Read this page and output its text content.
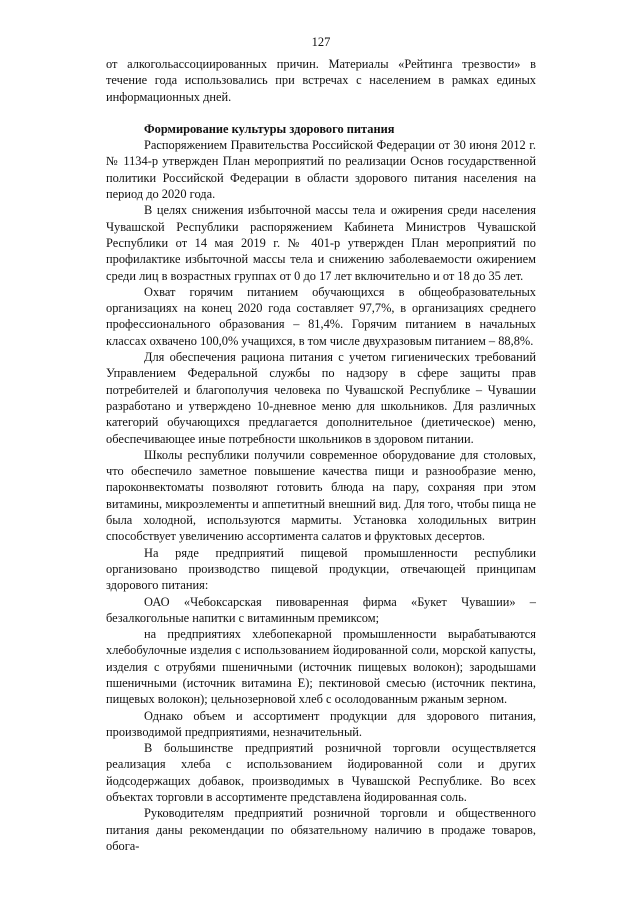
127

от алкогольассоциированных причин. Материалы «Рейтинга трезвости» в течение года использовались при встречах с населением в рамках единых информационных дней.

Формирование культуры здорового питания

Распоряжением Правительства Российской Федерации от 30 июня 2012 г. № 1134-р утвержден План мероприятий по реализации Основ государственной политики Российской Федерации в области здорового питания населения на период до 2020 года.

В целях снижения избыточной массы тела и ожирения среди населения Чувашской Республики распоряжением Кабинета Министров Чувашской Республики от 14 мая 2019 г. № 401-р утвержден План мероприятий по профилактике избыточной массы тела и снижению заболеваемости ожирением среди лиц в возрастных группах от 0 до 17 лет включительно и от 18 до 35 лет.

Охват горячим питанием обучающихся в общеобразовательных организациях на конец 2020 года составляет 97,7%, в организациях среднего профессионального образования – 81,4%. Горячим питанием в начальных классах охвачено 100,0% учащихся, в том числе двухразовым питанием – 88,8%.

Для обеспечения рациона питания с учетом гигиенических требований Управлением Федеральной службы по надзору в сфере защиты прав потребителей и благополучия человека по Чувашской Республике – Чувашии разработано и утверждено 10-дневное меню для школьников. Для различных категорий обучающихся предлагается дополнительное (диетическое) меню, обеспечивающее иные потребности школьников в здоровом питании.

Школы республики получили современное оборудование для столовых, что обеспечило заметное повышение качества пищи и разнообразие меню, пароконвектоматы позволяют готовить блюда на пару, сохраняя при этом витамины, микроэлементы и аппетитный внешний вид. Для того, чтобы пища не была холодной, используются мармиты. Установка холодильных витрин способствует увеличению ассортимента салатов и фруктовых десертов.

На ряде предприятий пищевой промышленности республики организовано производство пищевой продукции, отвечающей принципам здорового питания:

ОАО «Чебоксарская пивоваренная фирма «Букет Чувашии» – безалкогольные напитки с витаминным премиксом;

на предприятиях хлебопекарной промышленности вырабатываются хлебобулочные изделия с использованием йодированной соли, морской капусты, изделия с отрубями пшеничными (источник пищевых волокон); зародышами пшеничными (источник витамина Е); пектиновой смесью (источник пектина, пищевых волокон); цельнозерновой хлеб с осолодованным ржаным зерном.

Однако объем и ассортимент продукции для здорового питания, производимой предприятиями, незначительный.

В большинстве предприятий розничной торговли осуществляется реализация хлеба с использованием йодированной соли и других йодсодержащих добавок, производимых в Чувашской Республике. Во всех объектах торговли в ассортименте представлена йодированная соль.

Руководителям предприятий розничной торговли и общественного питания даны рекомендации по обязательному наличию в продаже товаров, обога-
